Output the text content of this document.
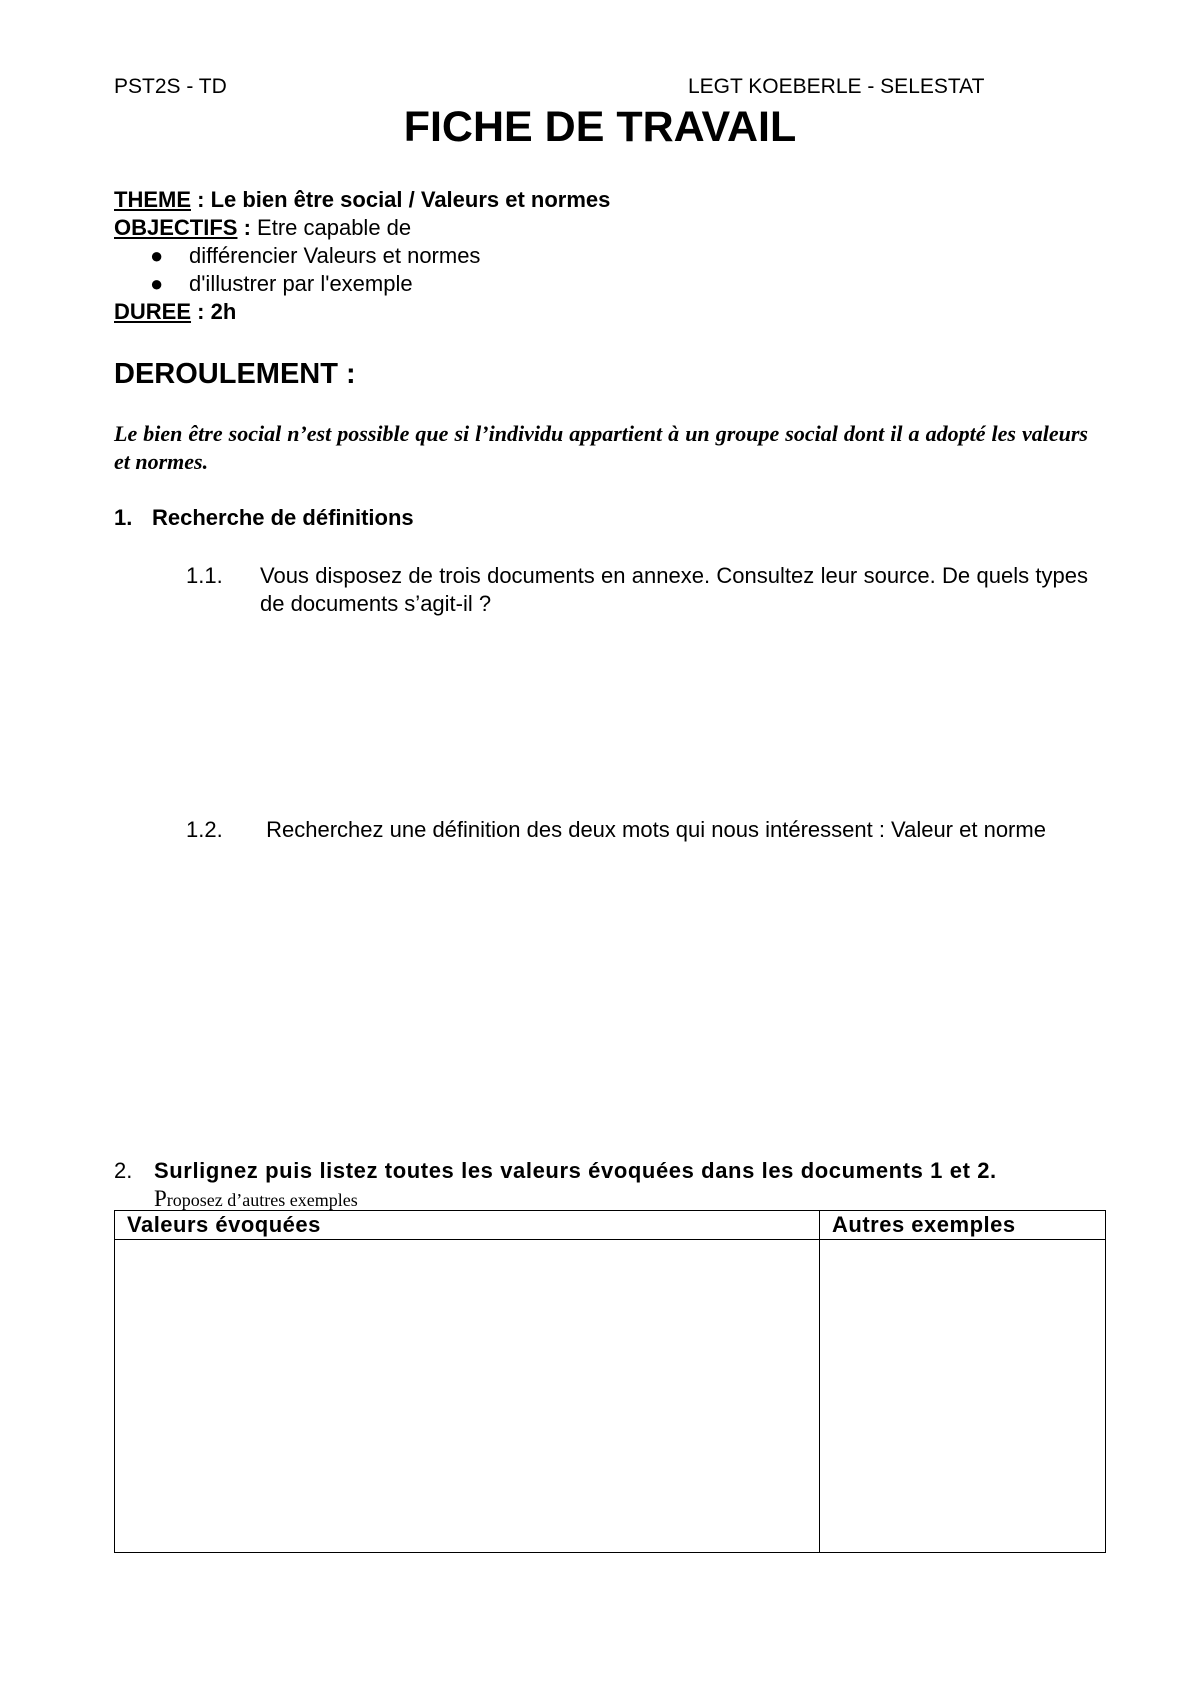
PST2S - TD	LEGT KOEBERLE - SELESTAT
FICHE DE TRAVAIL
THEME : Le bien être social / Valeurs et normes
OBJECTIFS : Etre capable de
● différencier Valeurs et normes
● d'illustrer par l'exemple
DUREE : 2h
DEROULEMENT :
Le bien être social n’est possible que si l’individu appartient à un groupe social dont il a adopté les valeurs et normes.
1. Recherche de définitions
1.1. Vous disposez de trois documents en annexe. Consultez leur source. De quels types de documents s’agit-il ?
1.2. Recherchez une définition des deux mots qui nous intéressent : Valeur et norme
2. Surlignez puis listez toutes les valeurs évoquées dans les documents 1 et 2.
Proposez d’autres exemples
Valeurs évoquées	Autres exemples
